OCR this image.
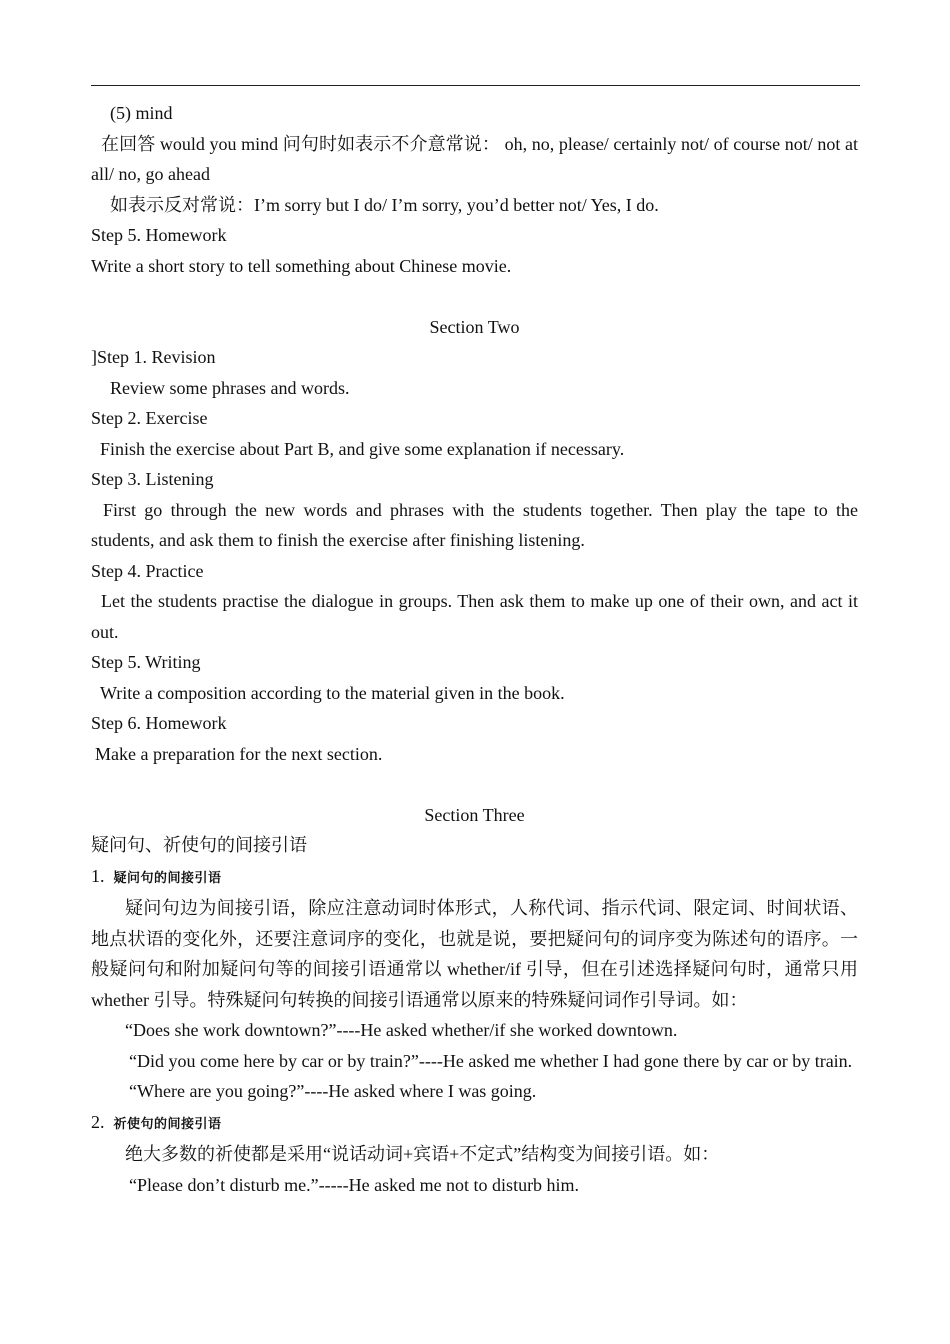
(5) mind

在回答 would you mind 问句时如表示不介意常说： oh, no, please/ certainly not/ of course not/ not at all/ no, go ahead

如表示反对常说：I’m sorry but I do/ I’m sorry, you’d better not/ Yes, I do.

Step 5. Homework

Write a short story to tell something about Chinese movie.

Section Two

]Step 1. Revision

Review some phrases and words.

Step 2. Exercise

Finish the exercise about Part B, and give some explanation if necessary.

Step 3. Listening

First go through the new words and phrases with the students together. Then play the tape to the students, and ask them to finish the exercise after finishing listening.

Step 4. Practice

Let the students practise the dialogue in groups. Then ask them to make up one of their own, and act it out.

Step 5. Writing

Write a composition according to the material given in the book.

Step 6. Homework

Make a preparation for the next section.

Section Three

疑问句、祈使句的间接引语

1. 疑问句的间接引语

疑问句边为间接引语，除应注意动词时体形式，人称代词、指示代词、限定词、时间状语、地点状语的变化外，还要注意词序的变化，也就是说，要把疑问句的词序变为陈述句的语序。一般疑问句和附加疑问句等的间接引语通常以 whether/if 引导，但在引述选择疑问句时，通常只用 whether 引导。特殊疑问句转换的间接引语通常以原来的特殊疑问词作引导词。如：

“Does she work downtown?”----He asked whether/if she worked downtown.

“Did you come here by car or by train?”----He asked me whether I had gone there by car or by train.

“Where are you going?”----He asked where I was going.

2. 祈使句的间接引语

绝大多数的祈使都是采用“说话动词+宾语+不定式”结构变为间接引语。如：

“Please don’t disturb me.”-----He asked me not to disturb him.
